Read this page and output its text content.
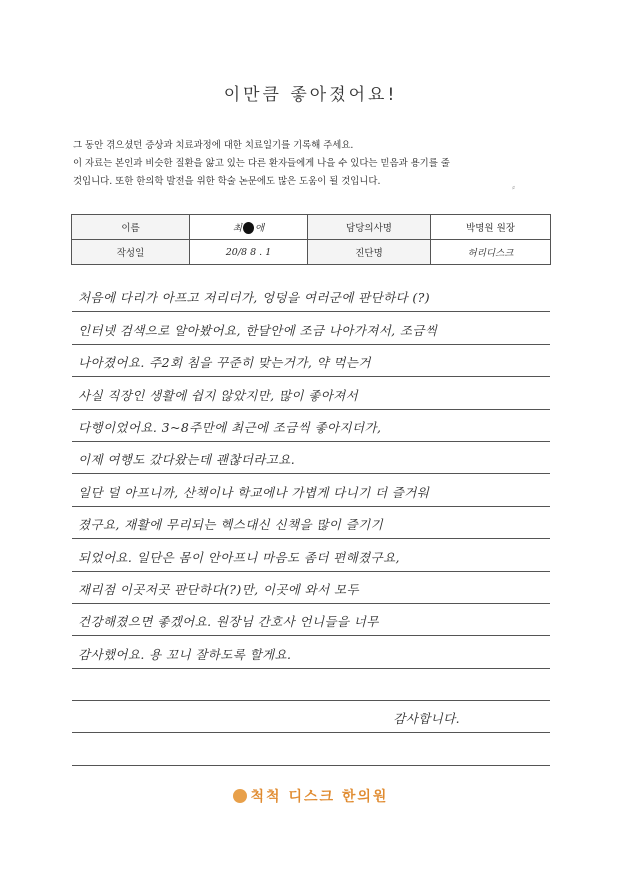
이만큼 좋아졌어요!

그 동안 겪으셨던 증상과 치료과정에 대한 치료일기를 기록해 주세요.

이 자료는 본인과 비슷한 질환을 앓고 있는 다른 환자들에게 나을 수 있다는 믿음과 용기를 줄

것입니다. 또한 한의학 발전을 위한 학술 논문에도 많은 도움이 될 것입니다.

⸗
이름	최 애	담당의사명	박명원 원장
작성일	20/8 8 . 1	진단명	허리디스크
처음에 다리가 아프고 저리더가, 엉덩을 여러군에 판단하다 (?)
인터넷 검색으로 알아봤어요, 한달안에 조금 나아가져서, 조금씩
나아졌어요. 주2회 침을 꾸준히 맞는거가, 약 먹는거
사실 직장인 생활에 쉽지 않았지만, 많이 좋아져서
다행이었어요. 3~8주만에 최근에 조금씩 좋아지더가,
이제 여행도 갔다왔는데 괜찮더라고요.
일단 덜 아프니까, 산책이나 학교에나 가볍게 다니기 더 즐거워
졌구요, 재활에 무리되는 헥스대신 신책을 많이 즐기기
되었어요. 일단은 몸이 안아프니 마음도 좀더 편해졌구요,
재리점 이곳저곳 판단하다(?)만, 이곳에 와서 모두
건강해졌으면 좋겠어요. 원장님 간호사 언니들을 너무
감사했어요. 용 꼬니 잘하도록 할게요.
감사합니다.
척척 디스크 한의원
